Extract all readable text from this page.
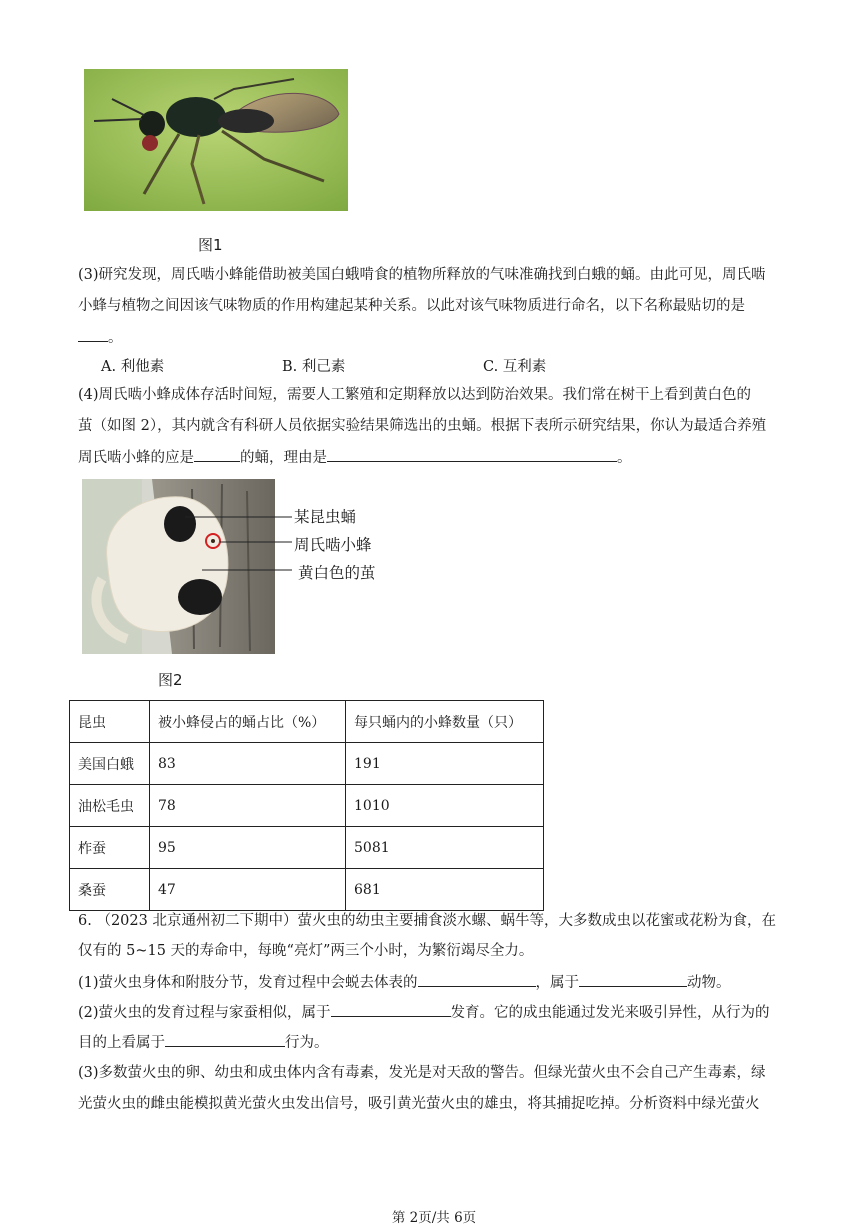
图1
(3)研究发现，周氏啮小蜂能借助被美国白蛾啃食的植物所释放的气味准确找到白蛾的蛹。由此可见，周氏啮
小蜂与植物之间因该气味物质的作用构建起某种关系。以此对该气味物质进行命名，以下名称最贴切的是
。
A. 利他素	B. 利己素	C. 互利素
(4)周氏啮小蜂成体存活时间短，需要人工繁殖和定期释放以达到防治效果。我们常在树干上看到黄白色的
茧（如图 2），其内就含有科研人员依据实验结果筛选出的虫蛹。根据下表所示研究结果，你认为最适合养殖
周氏啮小蜂的应是	的蛹，理由是	。
某昆虫蛹
周氏啮小蜂
黄白色的茧
图2
昆虫	被小蜂侵占的蛹占比（%）	每只蛹内的小蜂数量（只）
美国白蛾	83	191
油松毛虫	78	1010
柞蚕	95	5081
桑蚕	47	681
6. （2023 北京通州初二下期中）萤火虫的幼虫主要捕食淡水螺、蜗牛等，大多数成虫以花蜜或花粉为食，在
仅有的 5~15 天的寿命中，每晚“亮灯”两三个小时，为繁衍竭尽全力。
(1)萤火虫身体和附肢分节，发育过程中会蜕去体表的	，属于	动物。
(2)萤火虫的发育过程与家蚕相似，属于	发育。它的成虫能通过发光来吸引异性，从行为的
目的上看属于	行为。
(3)多数萤火虫的卵、幼虫和成虫体内含有毒素，发光是对天敌的警告。但绿光萤火虫不会自己产生毒素，绿
光萤火虫的雌虫能模拟黄光萤火虫发出信号，吸引黄光萤火虫的雄虫，将其捕捉吃掉。分析资料中绿光萤火
第 2页/共 6页
